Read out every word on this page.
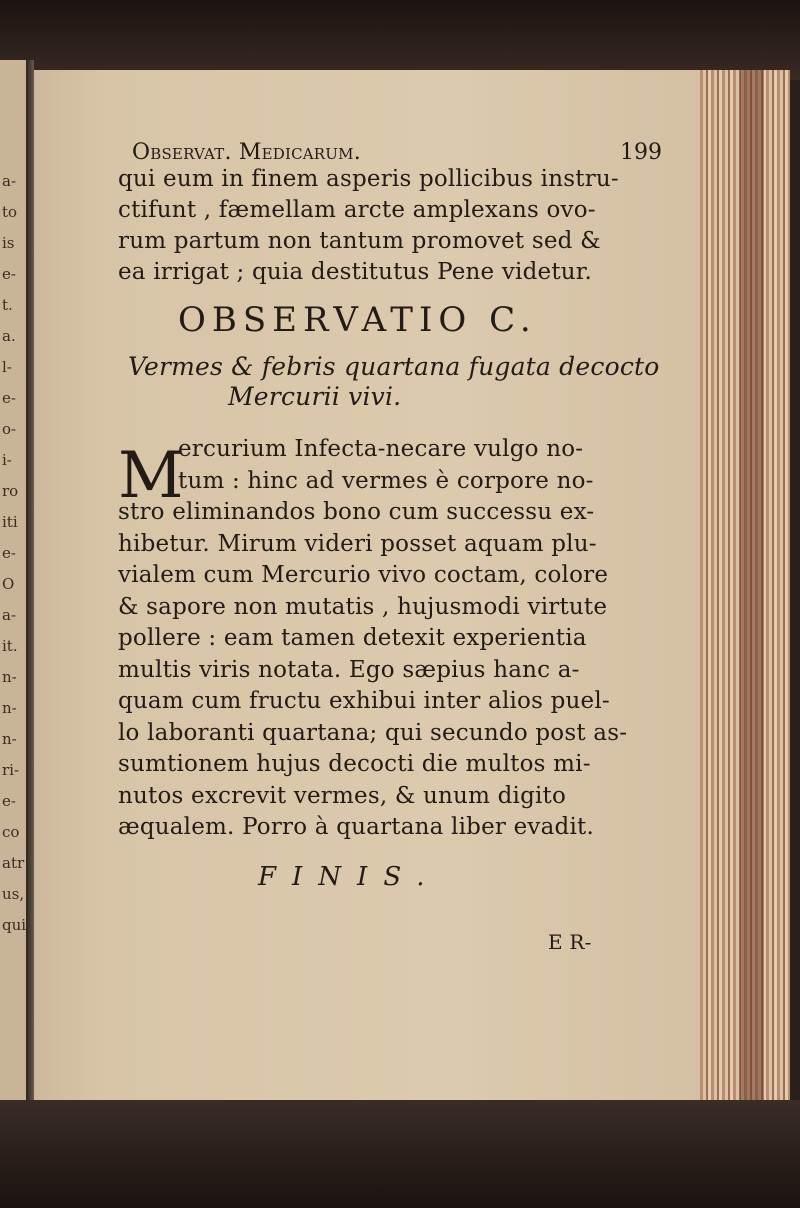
a-
to
is
e-
t.
a.
l-
e-
o-
i-
ro
iti
e-
O
a-
it.
n-
n-
n-
ri-
e-
co
atr
us,
qui
Observat. Medicarum.	199
qui eum in finem asperis pollicibus instru-
ctifunt , fæmellam arcte amplexans ovo-
rum partum non tantum promovet sed &
ea irrigat ; quia destitutus Pene videtur.
OBSERVATIO C.
Vermes & febris quartana fugata decocto
Mercurii vivi.
M
ercurium Infecta-necare vulgo no-
tum : hinc ad vermes è corpore no-
stro eliminandos bono cum successu ex-
hibetur. Mirum videri posset aquam plu-
vialem cum Mercurio vivo coctam, colore
& sapore non mutatis , hujusmodi virtute
pollere : eam tamen detexit experientia
multis viris notata. Ego sæpius hanc a-
quam cum fructu exhibui inter alios puel-
lo laboranti quartana; qui secundo post as-
sumtionem hujus decocti die multos mi-
nutos excrevit vermes, & unum digito
æqualem. Porro à quartana liber evadit.
FINIS.
E R-
